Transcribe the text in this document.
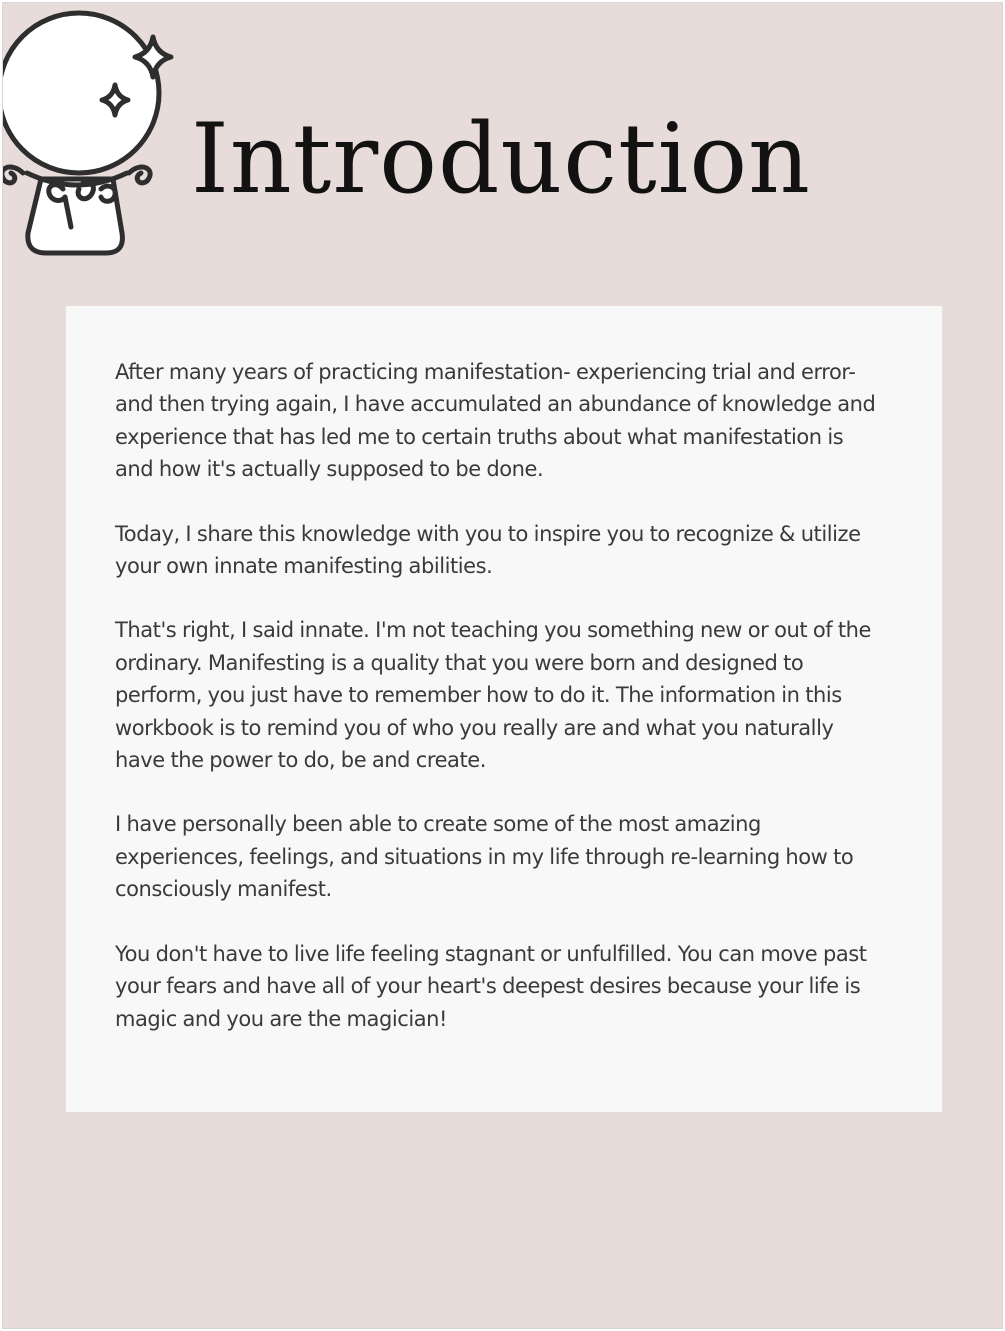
Introduction

After many years of practicing manifestation- experiencing trial and error-
and then trying again, I have accumulated an abundance of knowledge and
experience that has led me to certain truths about what manifestation is
and how it's actually supposed to be done.

Today, I share this knowledge with you to inspire you to recognize & utilize
your own innate manifesting abilities.

That's right, I said innate. I'm not teaching you something new or out of the
ordinary. Manifesting is a quality that you were born and designed to
perform, you just have to remember how to do it. The information in this
workbook is to remind you of who you really are and what you naturally
have the power to do, be and create.

I have personally been able to create some of the most amazing
experiences, feelings, and situations in my life through re-learning how to
consciously manifest.

You don't have to live life feeling stagnant or unfulfilled. You can move past
your fears and have all of your heart's deepest desires because your life is
magic and you are the magician!
